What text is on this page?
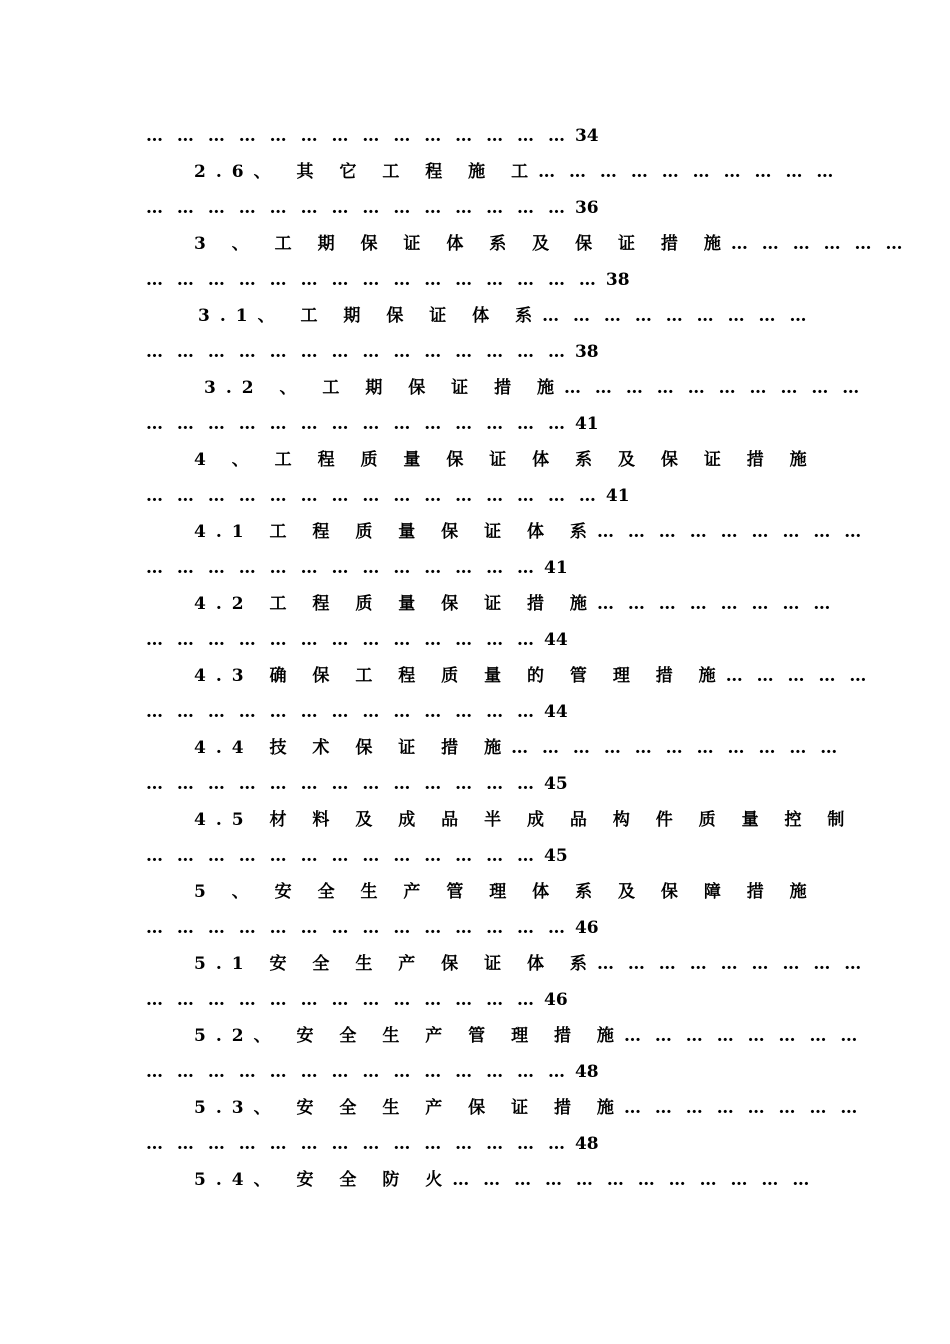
… … … … … … … … … … … … … … 34
2.6、 其 它 工 程 施 工 … … … … … … … … … …
… … … … … … … … … … … … … … 36
3 、 工 期 保 证 体 系 及 保 证 措 施 … … … … … …
… … … … … … … … … … … … … … … 38
3.1、 工 期 保 证 体 系 … … … … … … … … …
… … … … … … … … … … … … … … 38
3.2 、 工 期 保 证 措 施 … … … … … … … … … …
… … … … … … … … … … … … … … 41
4 、 工 程 质 量 保 证 体 系 及 保 证 措 施
… … … … … … … … … … … … … … … 41
4.1 工 程 质 量 保 证 体 系 … … … … … … … … …
… … … … … … … … … … … … … 41
4.2 工 程 质 量 保 证 措 施 … … … … … … … …
… … … … … … … … … … … … … 44
4.3 确 保 工 程 质 量 的 管 理 措 施 … … … … …
… … … … … … … … … … … … … 44
4.4 技 术 保 证 措 施 … … … … … … … … … … …
… … … … … … … … … … … … … 45
4.5 材 料 及 成 品 半 成 品 构 件 质 量 控 制
… … … … … … … … … … … … … 45
5 、 安 全 生 产 管 理 体 系 及 保 障 措 施
… … … … … … … … … … … … … … 46
5.1 安 全 生 产 保 证 体 系 … … … … … … … … …
… … … … … … … … … … … … … 46
5.2、 安 全 生 产 管 理 措 施 … … … … … … … …
… … … … … … … … … … … … … … 48
5.3、 安 全 生 产 保 证 措 施 … … … … … … … …
… … … … … … … … … … … … … … 48
5.4、 安 全 防 火 … … … … … … … … … … … …
